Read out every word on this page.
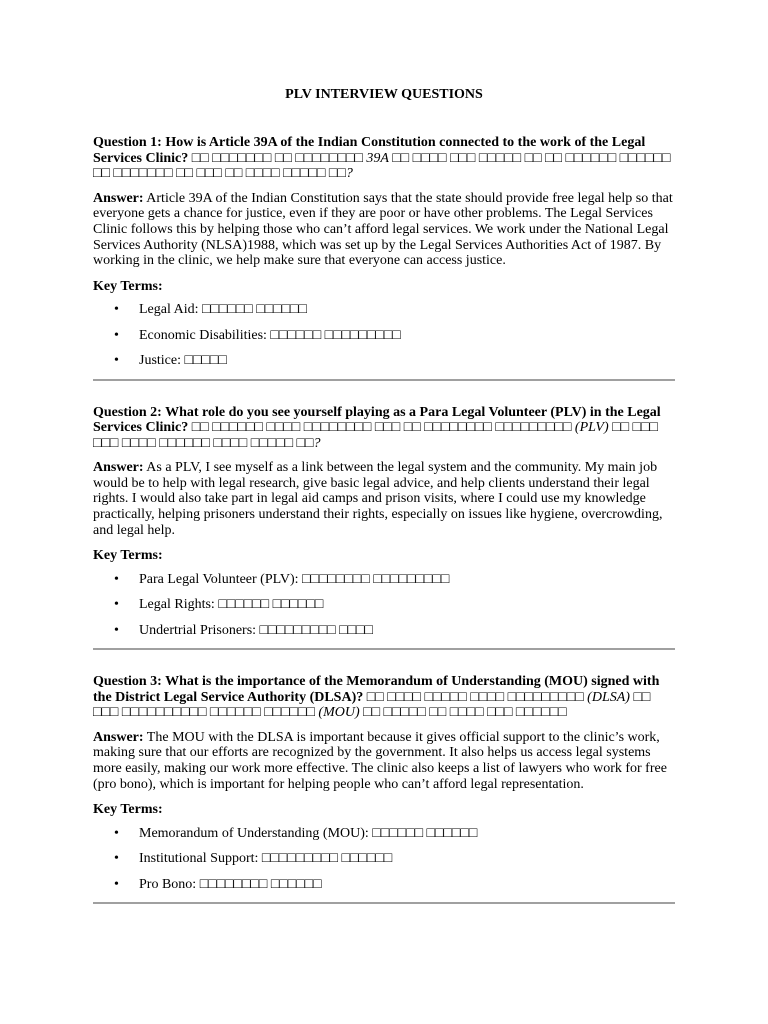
PLV INTERVIEW QUESTIONS
Question 1: How is Article 39A of the Indian Constitution connected to the work of the Legal Services Clinic? □□ □□□□□□□ □□ □□□□□□□□ 39A □□ □□□□ □□□ □□□□□ □□ □□ □□□□□□ □□□□□□ □□ □□□□□□□ □□ □□□ □□ □□□□ □□□□□ □□?
Answer: Article 39A of the Indian Constitution says that the state should provide free legal help so that everyone gets a chance for justice, even if they are poor or have other problems. The Legal Services Clinic follows this by helping those who can’t afford legal services. We work under the National Legal Services Authority (NLSA)1988, which was set up by the Legal Services Authorities Act of 1987. By working in the clinic, we help make sure that everyone can access justice.
Key Terms:
• Legal Aid: □□□□□□ □□□□□□
• Economic Disabilities: □□□□□□ □□□□□□□□□
• Justice: □□□□□
Question 2: What role do you see yourself playing as a Para Legal Volunteer (PLV) in the Legal Services Clinic? □□ □□□□□□ □□□□ □□□□□□□□ □□□ □□ □□□□□□□□ □□□□□□□□□ (PLV) □□ □□□ □□□ □□□□ □□□□□□ □□□□ □□□□□ □□?
Answer: As a PLV, I see myself as a link between the legal system and the community. My main job would be to help with legal research, give basic legal advice, and help clients understand their legal rights. I would also take part in legal aid camps and prison visits, where I could use my knowledge practically, helping prisoners understand their rights, especially on issues like hygiene, overcrowding, and legal help.
Key Terms:
• Para Legal Volunteer (PLV): □□□□□□□□ □□□□□□□□□
• Legal Rights: □□□□□□ □□□□□□
• Undertrial Prisoners: □□□□□□□□□ □□□□
Question 3: What is the importance of the Memorandum of Understanding (MOU) signed with the District Legal Service Authority (DLSA)? □□ □□□□ □□□□□ □□□□ □□□□□□□□□ (DLSA) □□ □□□ □□□□□□□□□□ □□□□□□ □□□□□□ (MOU) □□ □□□□□ □□ □□□□ □□□ □□□□□□
Answer: The MOU with the DLSA is important because it gives official support to the clinic’s work, making sure that our efforts are recognized by the government. It also helps us access legal systems more easily, making our work more effective. The clinic also keeps a list of lawyers who work for free (pro bono), which is important for helping people who can’t afford legal representation.
Key Terms:
• Memorandum of Understanding (MOU): □□□□□□ □□□□□□
• Institutional Support: □□□□□□□□□ □□□□□□
• Pro Bono: □□□□□□□□ □□□□□□
